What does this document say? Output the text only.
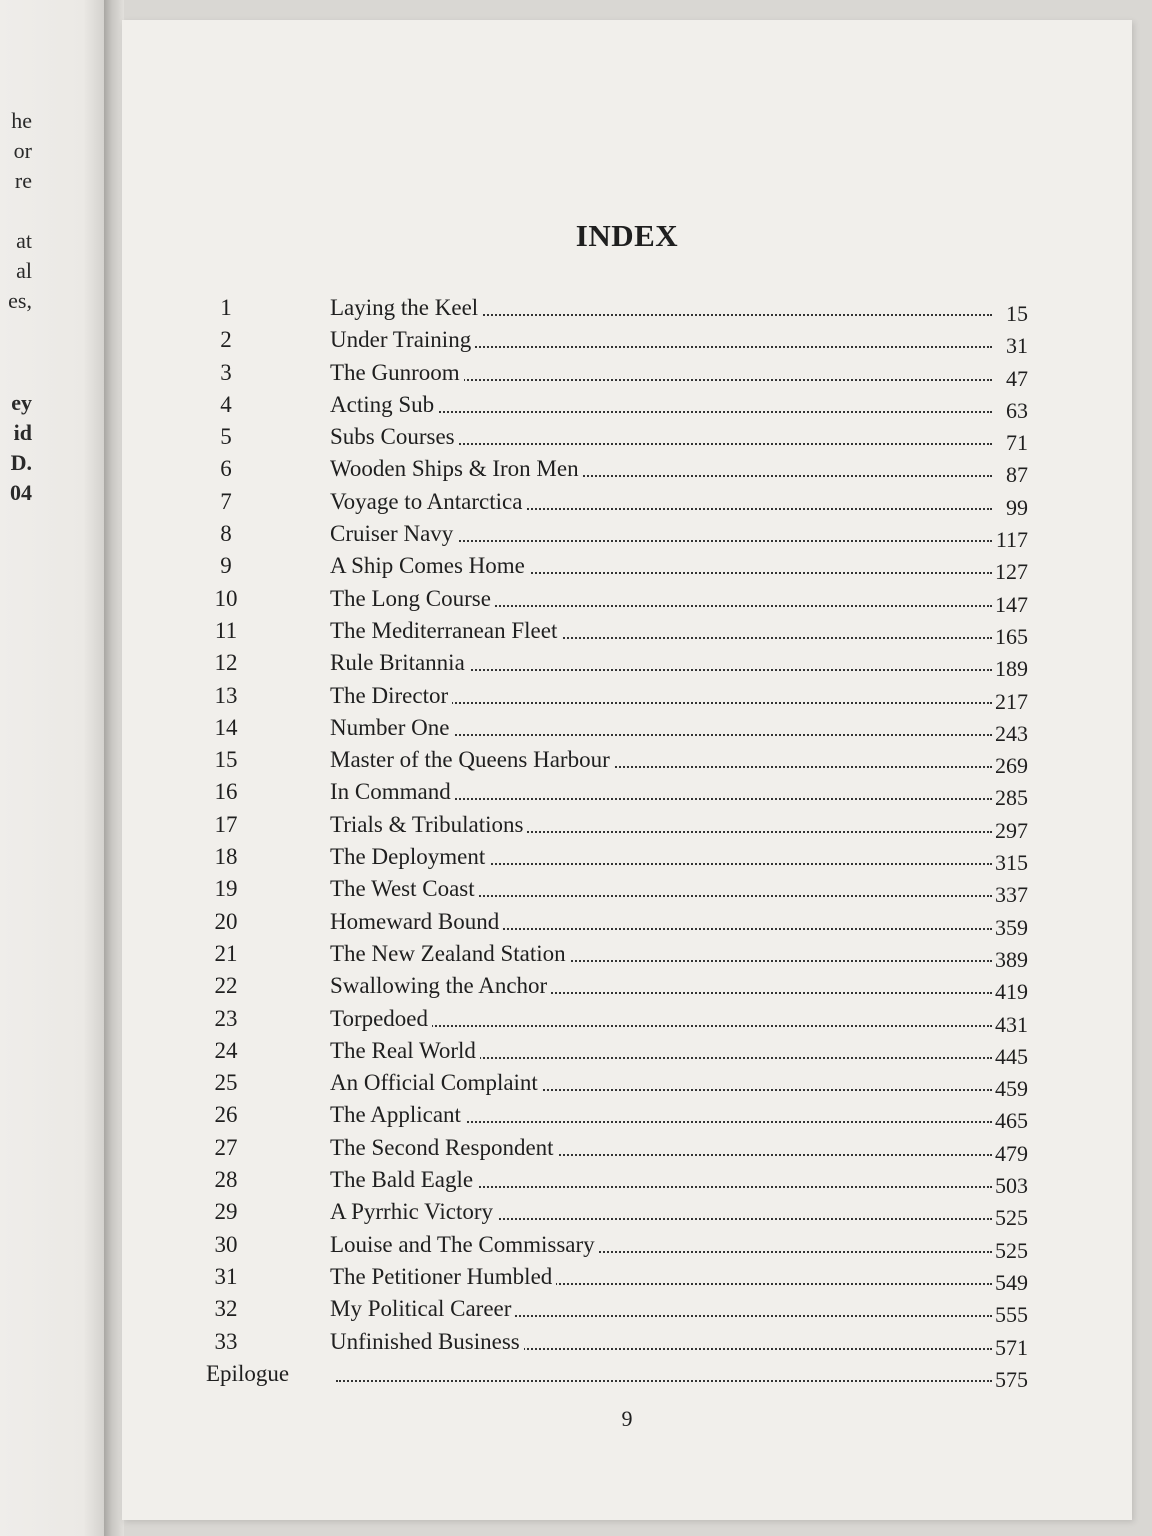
he
or
re
at
al
es,
ey
id
D.
04
INDEX
1	Laying the Keel	15
2	Under Training	31
3	The Gunroom	47
4	Acting Sub	63
5	Subs Courses	71
6	Wooden Ships & Iron Men	87
7	Voyage to Antarctica	99
8	Cruiser Navy	117
9	A Ship Comes Home	127
10	The Long Course	147
11	The Mediterranean Fleet	165
12	Rule Britannia	189
13	The Director	217
14	Number One	243
15	Master of the Queens Harbour	269
16	In Command	285
17	Trials & Tribulations	297
18	The Deployment	315
19	The West Coast	337
20	Homeward Bound	359
21	The New Zealand Station	389
22	Swallowing the Anchor	419
23	Torpedoed	431
24	The Real World	445
25	An Official Complaint	459
26	The Applicant	465
27	The Second Respondent	479
28	The Bald Eagle	503
29	A Pyrrhic Victory	525
30	Louise and The Commissary	525
31	The Petitioner Humbled	549
32	My Political Career	555
33	Unfinished Business	571
Epilogue	575
9
